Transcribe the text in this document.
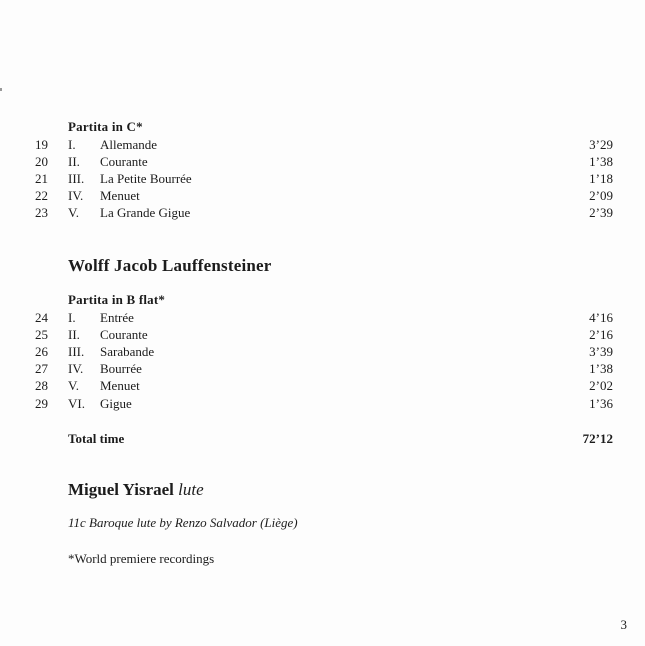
Partita in C*
19 I. Allemande	3’29
20 II. Courante	1’38
21 III. La Petite Bourrée	1’18
22 IV. Menuet	2’09
23 V. La Grande Gigue	2’39
Wolff Jacob Lauffensteiner
Partita in B flat*
24 I. Entrée	4’16
25 II. Courante	2’16
26 III. Sarabande	3’39
27 IV. Bourrée	1’38
28 V. Menuet	2’02
29 VI. Gigue	1’36
Total time	72’12
Miguel Yisrael lute
11c Baroque lute by Renzo Salvador (Liège)
*World premiere recordings
3
